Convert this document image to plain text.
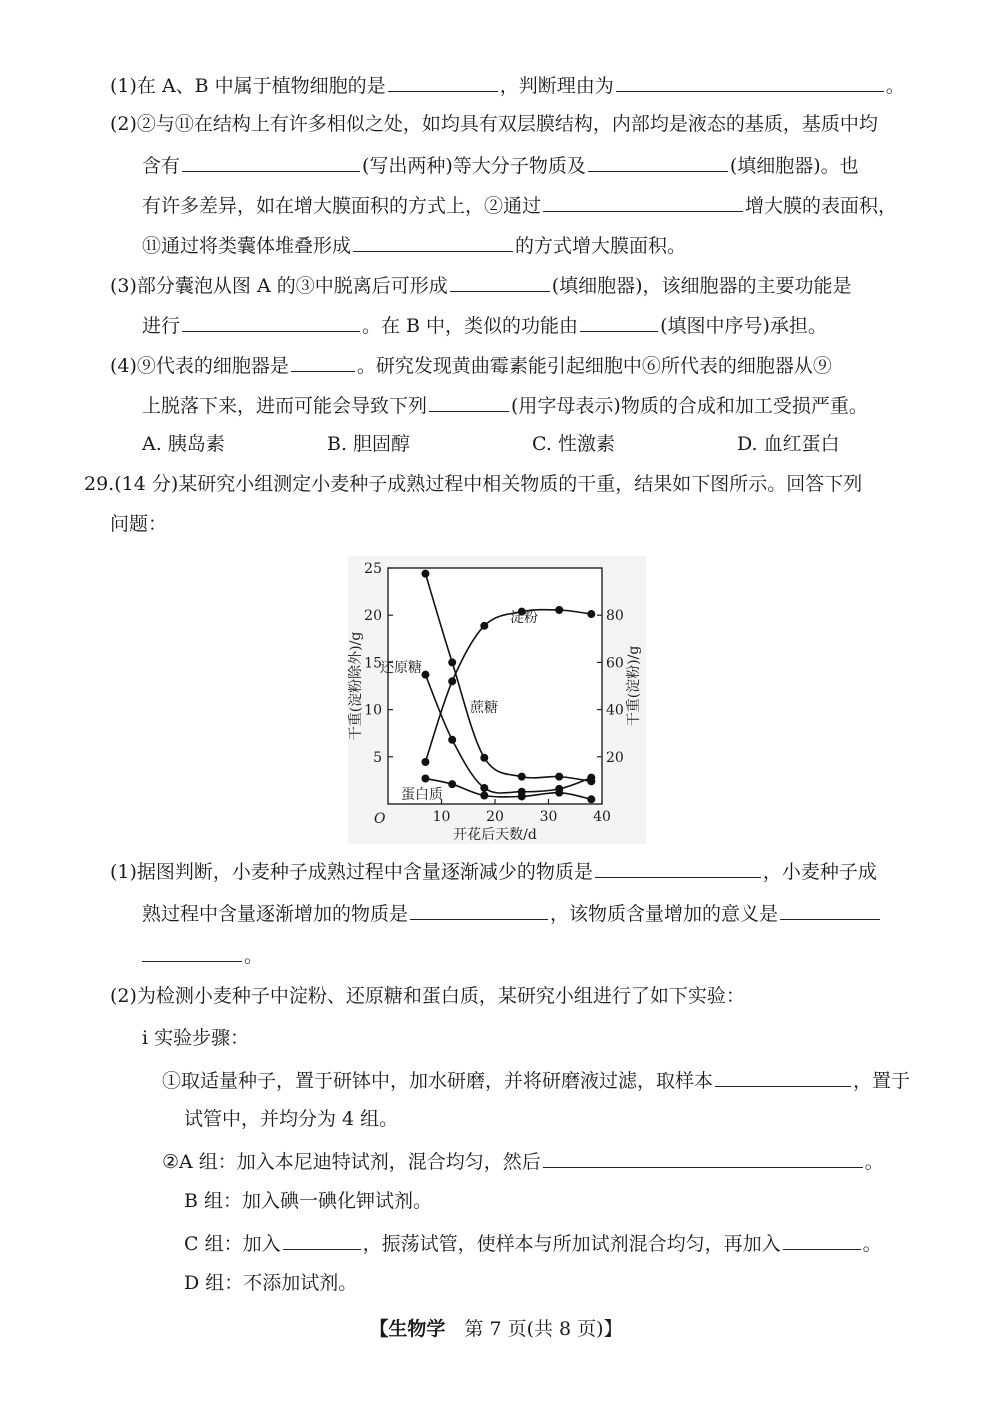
(1)在 A、B 中属于植物细胞的是	，判断理由为	。
(2)②与⑪在结构上有许多相似之处，如均具有双层膜结构，内部均是液态的基质，基质中均
含有	(写出两种)等大分子物质及	(填细胞器)。也
有许多差异，如在增大膜面积的方式上，②通过	增大膜的表面积，
⑪通过将类囊体堆叠形成	的方式增大膜面积。
(3)部分囊泡从图 A 的③中脱离后可形成	(填细胞器)，该细胞器的主要功能是
进行	。在 B 中，类似的功能由	(填图中序号)承担。
(4)⑨代表的细胞器是	。研究发现黄曲霉素能引起细胞中⑥所代表的细胞器从⑨
上脱落下来，进而可能会导致下列	(用字母表示)物质的合成和加工受损严重。
A. 胰岛素	B. 胆固醇	C. 性激素	D. 血红蛋白
29.(14 分)某研究小组测定小麦种子成熟过程中相关物质的干重，结果如下图所示。回答下列
问题：
10	20	30	40
5
10
15
20
25
20
40
60
80
O
开花后天数/d
干重(淀粉除外)/g	干重(淀粉)/g
淀粉
还原糖
蔗糖
蛋白质
(1)据图判断，小麦种子成熟过程中含量逐渐减少的物质是	，小麦种子成
熟过程中含量逐渐增加的物质是	，该物质含量增加的意义是
。
(2)为检测小麦种子中淀粉、还原糖和蛋白质，某研究小组进行了如下实验：
ⅰ 实验步骤：
①取适量种子，置于研钵中，加水研磨，并将研磨液过滤，取样本	，置于
试管中，并均分为 4 组。
②A 组：加入本尼迪特试剂，混合均匀，然后	。
B 组：加入碘一碘化钾试剂。
C 组：加入	，振荡试管，使样本与所加试剂混合均匀，再加入	。
D 组：不添加试剂。
【生物学  第 7 页(共 8 页)】
